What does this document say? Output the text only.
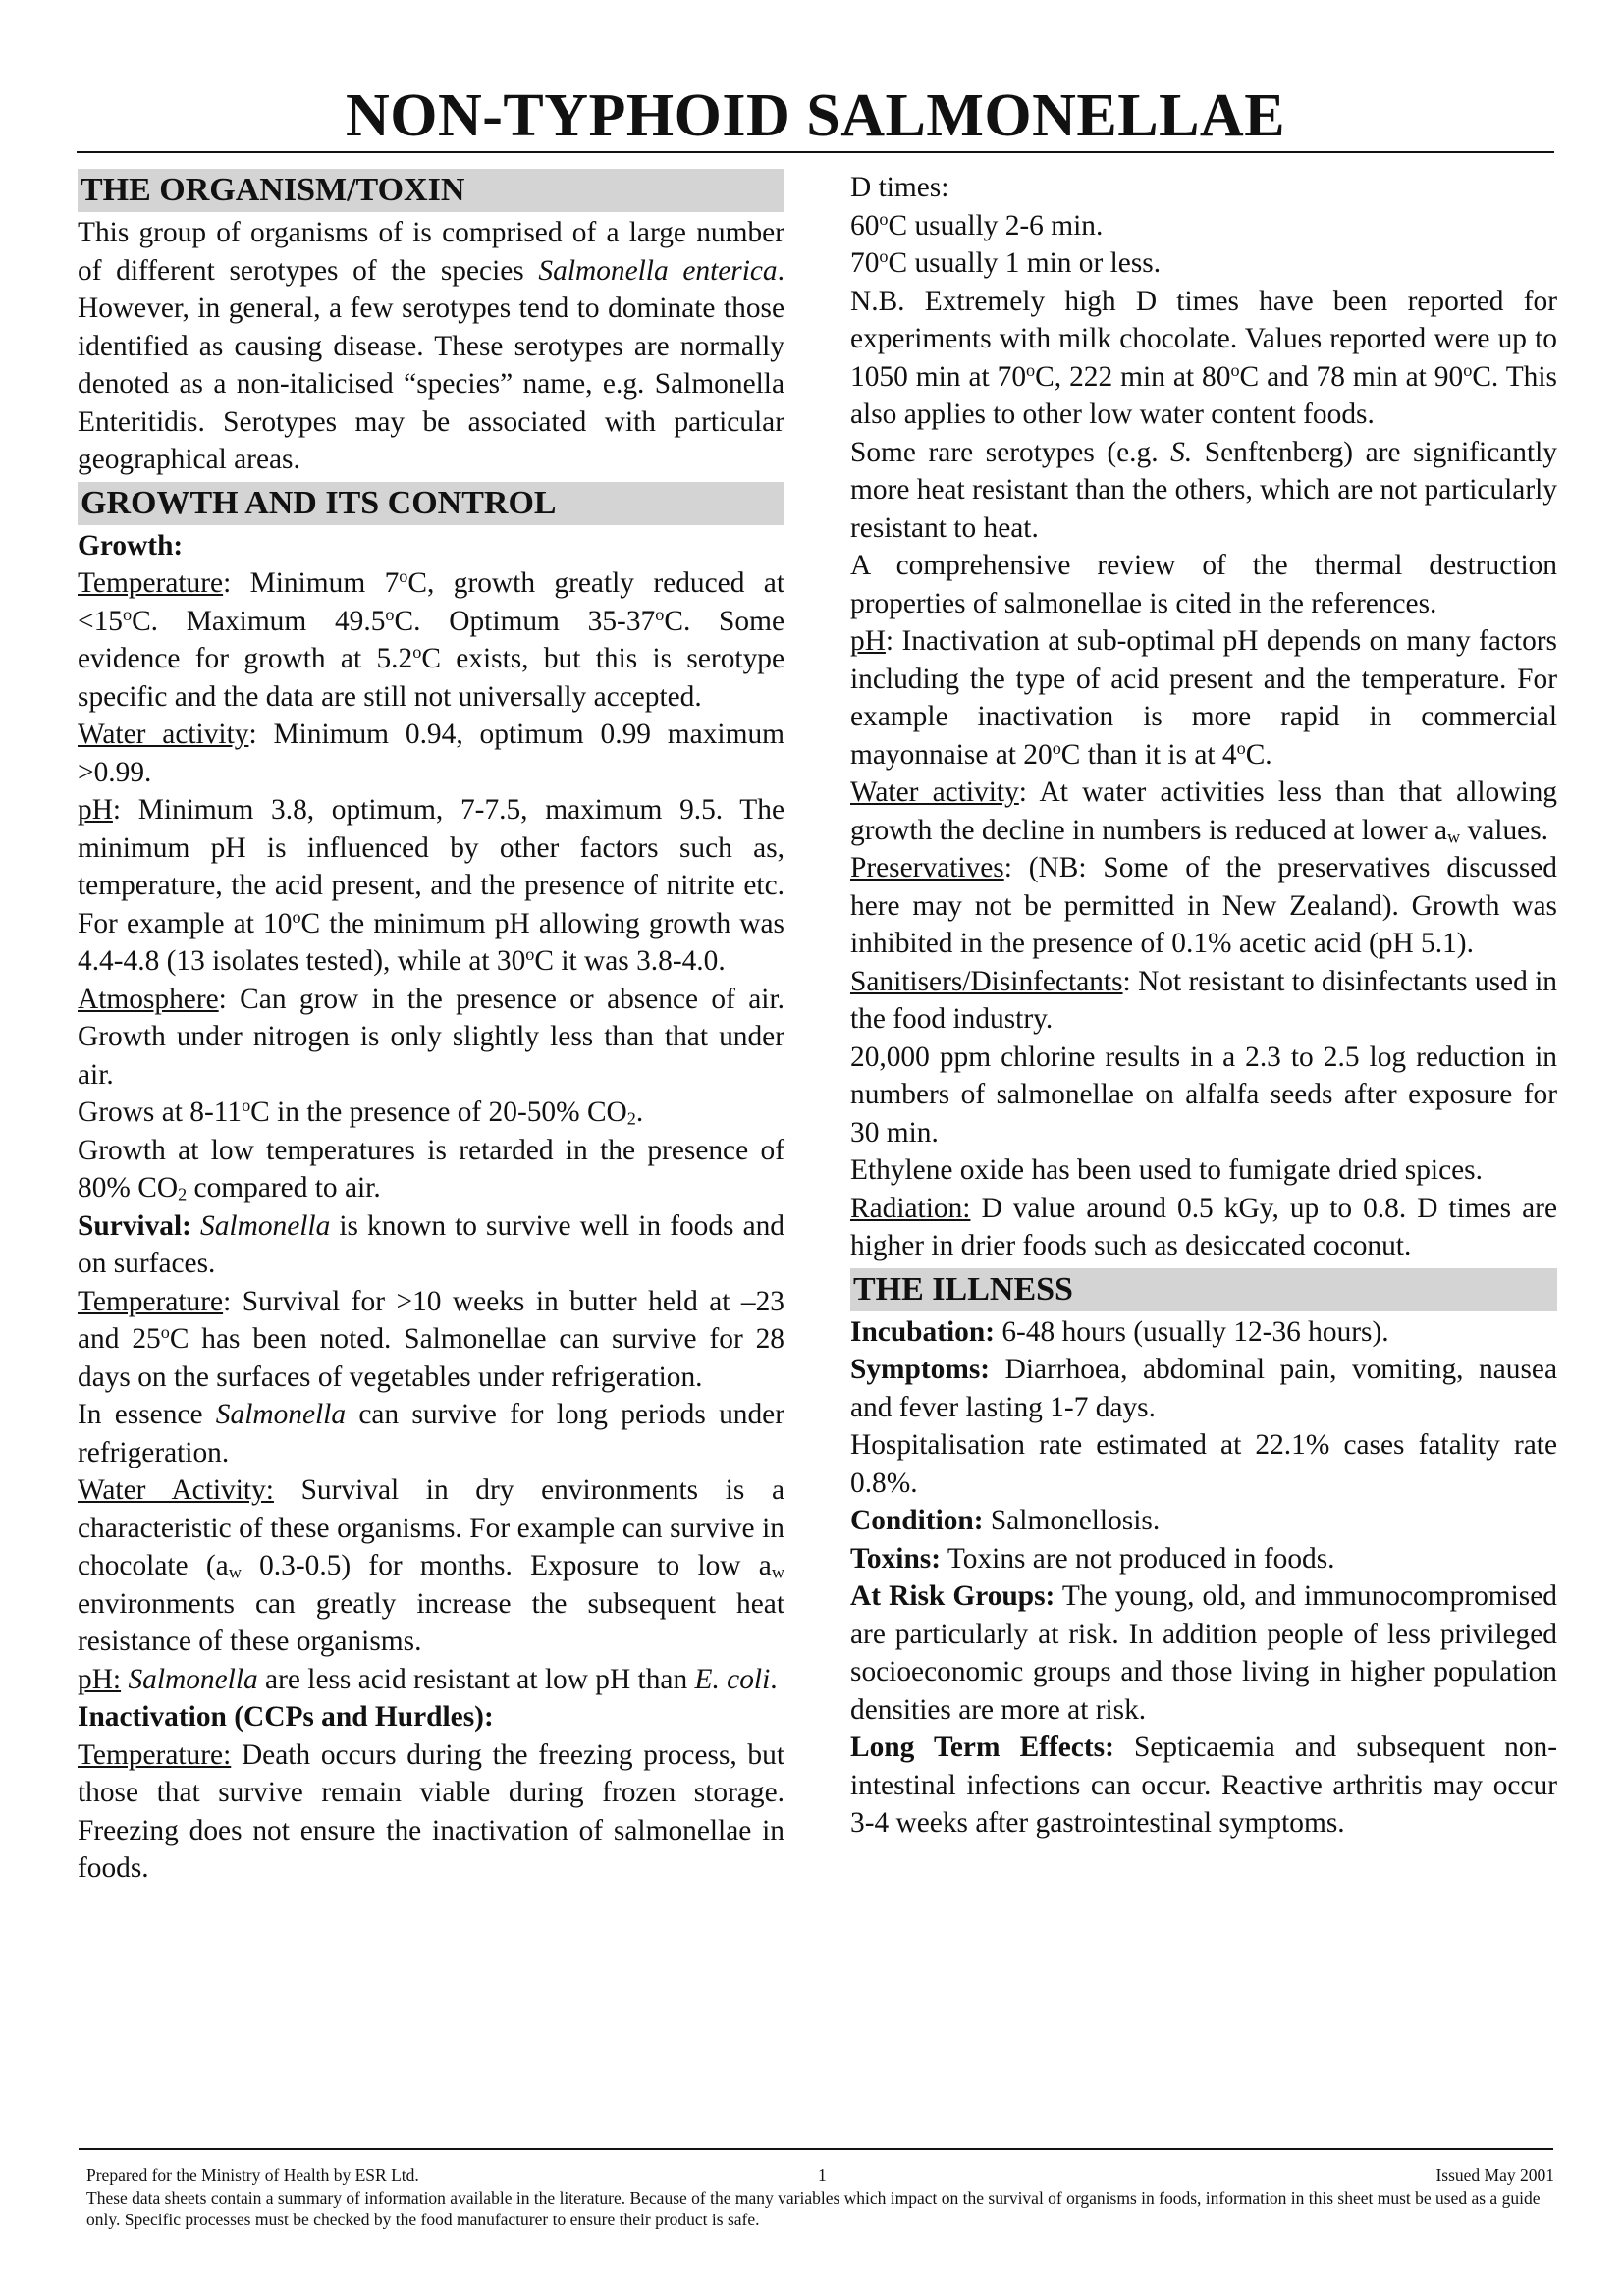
NON-TYPHOID SALMONELLAE
THE ORGANISM/TOXIN

This group of organisms of is comprised of a large number of different serotypes of the species Salmonella enterica. However, in general, a few serotypes tend to dominate those identified as causing disease. These serotypes are normally denoted as a non-italicised “species” name, e.g. Salmonella Enteritidis. Serotypes may be associated with particular geographical areas.

GROWTH AND ITS CONTROL

Growth:

Temperature: Minimum 7$^o$C, growth greatly reduced at $<15^oC$. Maximum 49.5$^o$C. Optimum 35-37$^o$C. Some evidence for growth at 5.2$^o$C exists, but this is serotype specific and the data are still not universally accepted.

Water activity: Minimum 0.94, optimum 0.99 maximum >0.99.

pH: Minimum 3.8, optimum, 7-7.5, maximum 9.5. The minimum pH is influenced by other factors such as, temperature, the acid present, and the presence of nitrite etc. For example at 10$^o$C the minimum pH allowing growth was 4.4-4.8 (13 isolates tested), while at 30$^o$C it was 3.8-4.0.

Atmosphere: Can grow in the presence or absence of air. Growth under nitrogen is only slightly less than that under air.

Grows at 8-11$^o$C in the presence of 20-50% $CO_2$.

Growth at low temperatures is retarded in the presence of 80% $CO_2$ compared to air.

Survival: Salmonella is known to survive well in foods and on surfaces.

Temperature: Survival for >10 weeks in butter held at –23 and 25$^o$C has been noted. Salmonellae can survive for 28 days on the surfaces of vegetables under refrigeration.

In essence Salmonella can survive for long periods under refrigeration.

Water Activity: Survival in dry environments is a characteristic of these organisms. For example can survive in chocolate ($a_w$ 0.3-0.5) for months. Exposure to low $a_w$ environments can greatly increase the subsequent heat resistance of these organisms.

pH: Salmonella are less acid resistant at low pH than E. coli.

Inactivation (CCPs and Hurdles):

Temperature: Death occurs during the freezing process, but those that survive remain viable during frozen storage. Freezing does not ensure the inactivation of salmonellae in foods.

D times:

60$^o$C usually 2-6 min.

70$^o$C usually 1 min or less.

N.B. Extremely high D times have been reported for experiments with milk chocolate. Values reported were up to 1050 min at 70$^o$C, 222 min at 80$^o$C and 78 min at 90$^o$C. This also applies to other low water content foods.

Some rare serotypes (e.g. S. Senftenberg) are significantly more heat resistant than the others, which are not particularly resistant to heat.

A comprehensive review of the thermal destruction properties of salmonellae is cited in the references.

pH: Inactivation at sub-optimal pH depends on many factors including the type of acid present and the temperature. For example inactivation is more rapid in commercial mayonnaise at 20$^o$C than it is at 4$^o$C.

Water activity: At water activities less than that allowing growth the decline in numbers is reduced at lower $a_w$ values.

Preservatives: (NB: Some of the preservatives discussed here may not be permitted in New Zealand). Growth was inhibited in the presence of 0.1% acetic acid (pH 5.1).

Sanitisers/Disinfectants: Not resistant to disinfectants used in the food industry.

20,000 ppm chlorine results in a 2.3 to 2.5 log reduction in numbers of salmonellae on alfalfa seeds after exposure for 30 min.

Ethylene oxide has been used to fumigate dried spices.

Radiation: D value around 0.5 kGy, up to 0.8. D times are higher in drier foods such as desiccated coconut.

THE ILLNESS

Incubation: 6-48 hours (usually 12-36 hours).

Symptoms: Diarrhoea, abdominal pain, vomiting, nausea and fever lasting 1-7 days.

Hospitalisation rate estimated at 22.1% cases fatality rate 0.8%.

Condition: Salmonellosis.

Toxins: Toxins are not produced in foods.

At Risk Groups: The young, old, and immunocompromised are particularly at risk. In addition people of less privileged socioeconomic groups and those living in higher population densities are more at risk.

Long Term Effects: Septicaemia and subsequent non-intestinal infections can occur. Reactive arthritis may occur 3-4 weeks after gastrointestinal symptoms.

Prepared for the Ministry of Health by ESR Ltd.	1	Issued May 2001
These data sheets contain a summary of information available in the literature. Because of the many variables which impact on the survival of organisms in foods, information in this sheet must be used as a guide only. Specific processes must be checked by the food manufacturer to ensure their product is safe.
